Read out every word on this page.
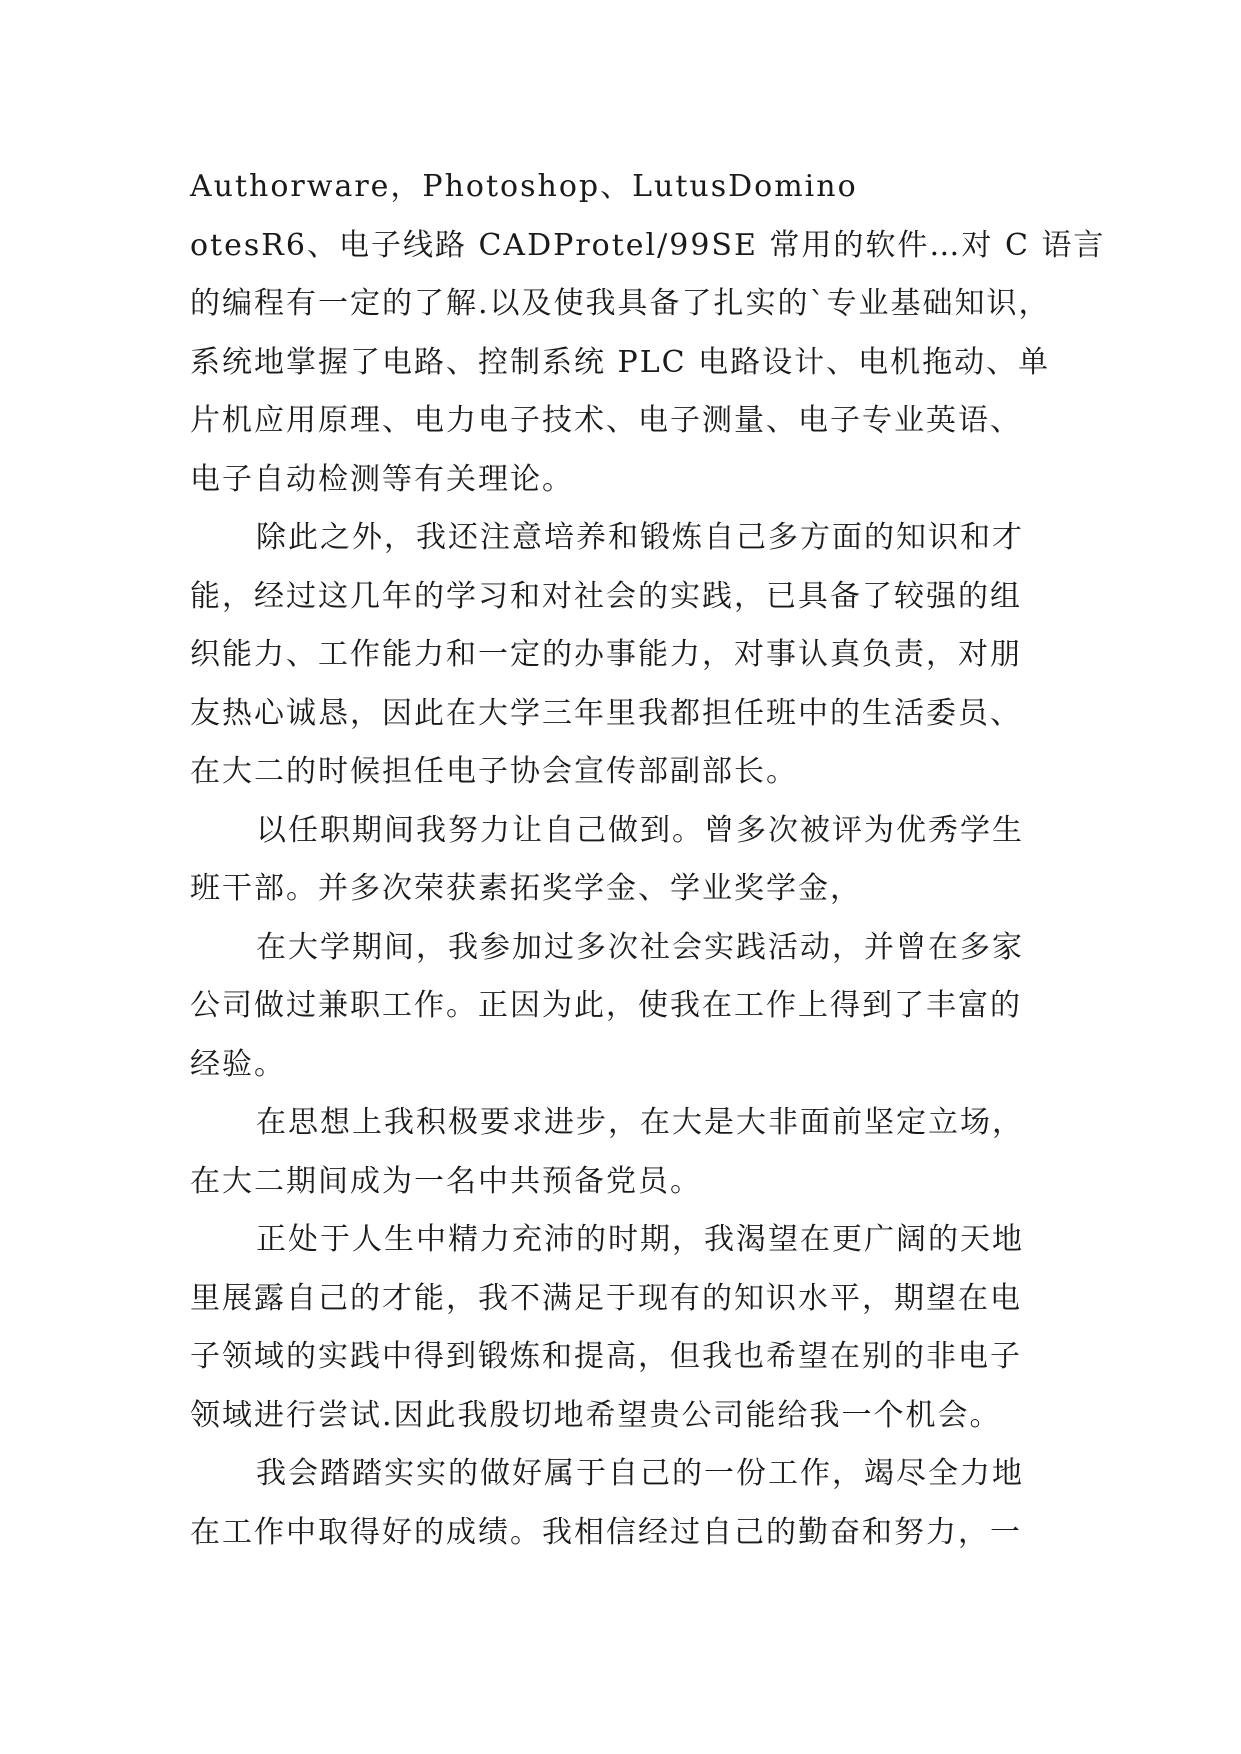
Authorware，Photoshop、LutusDomino
otesR6、电子线路 CADProtel/99SE 常用的软件…对 C 语言
的编程有一定的了解.以及使我具备了扎实的`专业基础知识，
系统地掌握了电路、控制系统 PLC 电路设计、电机拖动、单
片机应用原理、电力电子技术、电子测量、电子专业英语、
电子自动检测等有关理论。
除此之外，我还注意培养和锻炼自己多方面的知识和才
能，经过这几年的学习和对社会的实践，已具备了较强的组
织能力、工作能力和一定的办事能力，对事认真负责，对朋
友热心诚恳，因此在大学三年里我都担任班中的生活委员、
在大二的时候担任电子协会宣传部副部长。
以任职期间我努力让自己做到。曾多次被评为优秀学生
班干部。并多次荣获素拓奖学金、学业奖学金，
在大学期间，我参加过多次社会实践活动，并曾在多家
公司做过兼职工作。正因为此，使我在工作上得到了丰富的
经验。
在思想上我积极要求进步，在大是大非面前坚定立场，
在大二期间成为一名中共预备党员。
正处于人生中精力充沛的时期，我渴望在更广阔的天地
里展露自己的才能，我不满足于现有的知识水平，期望在电
子领域的实践中得到锻炼和提高，但我也希望在别的非电子
领域进行尝试.因此我殷切地希望贵公司能给我一个机会。
我会踏踏实实的做好属于自己的一份工作，竭尽全力地
在工作中取得好的成绩。我相信经过自己的勤奋和努力，一
